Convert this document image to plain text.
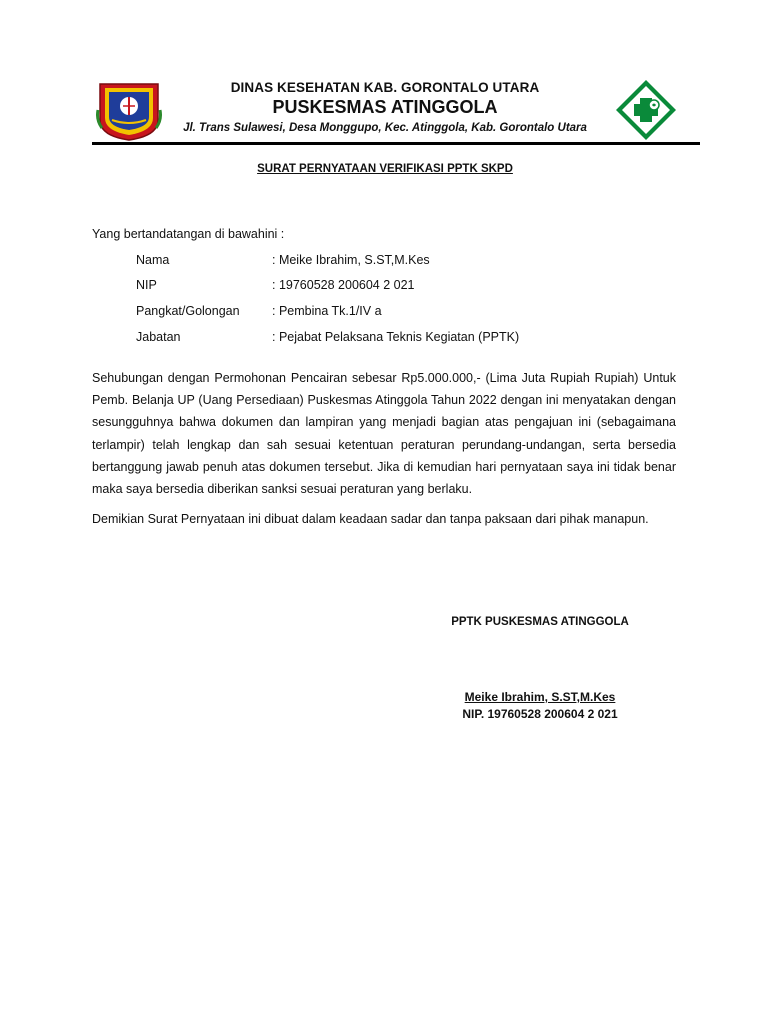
DINAS KESEHATAN KAB. GORONTALO UTARA
PUSKESMAS ATINGGOLA
Jl. Trans Sulawesi, Desa Monggupo, Kec. Atinggola, Kab. Gorontalo Utara
SURAT PERNYATAAN VERIFIKASI PPTK SKPD
Yang bertandatangan di bawahini :
Nama	: Meike Ibrahim, S.ST,M.Kes
NIP	: 19760528 200604 2 021
Pangkat/Golongan	: Pembina Tk.1/IV a
Jabatan	: Pejabat Pelaksana Teknis Kegiatan (PPTK)
Sehubungan dengan Permohonan Pencairan sebesar Rp5.000.000,- (Lima Juta Rupiah Rupiah) Untuk Pemb. Belanja UP (Uang Persediaan) Puskesmas Atinggola Tahun 2022 dengan ini menyatakan dengan sesungguhnya bahwa dokumen dan lampiran yang menjadi bagian atas pengajuan ini (sebagaimana terlampir) telah lengkap dan sah sesuai ketentuan peraturan perundang-undangan, serta bersedia bertanggung jawab penuh atas dokumen tersebut. Jika di kemudian hari pernyataan saya ini tidak benar maka saya bersedia diberikan sanksi sesuai peraturan yang berlaku.
Demikian Surat Pernyataan ini dibuat dalam keadaan sadar dan tanpa paksaan dari pihak manapun.
PPTK PUSKESMAS ATINGGOLA
Meike Ibrahim, S.ST,M.Kes
NIP. 19760528 200604 2 021
